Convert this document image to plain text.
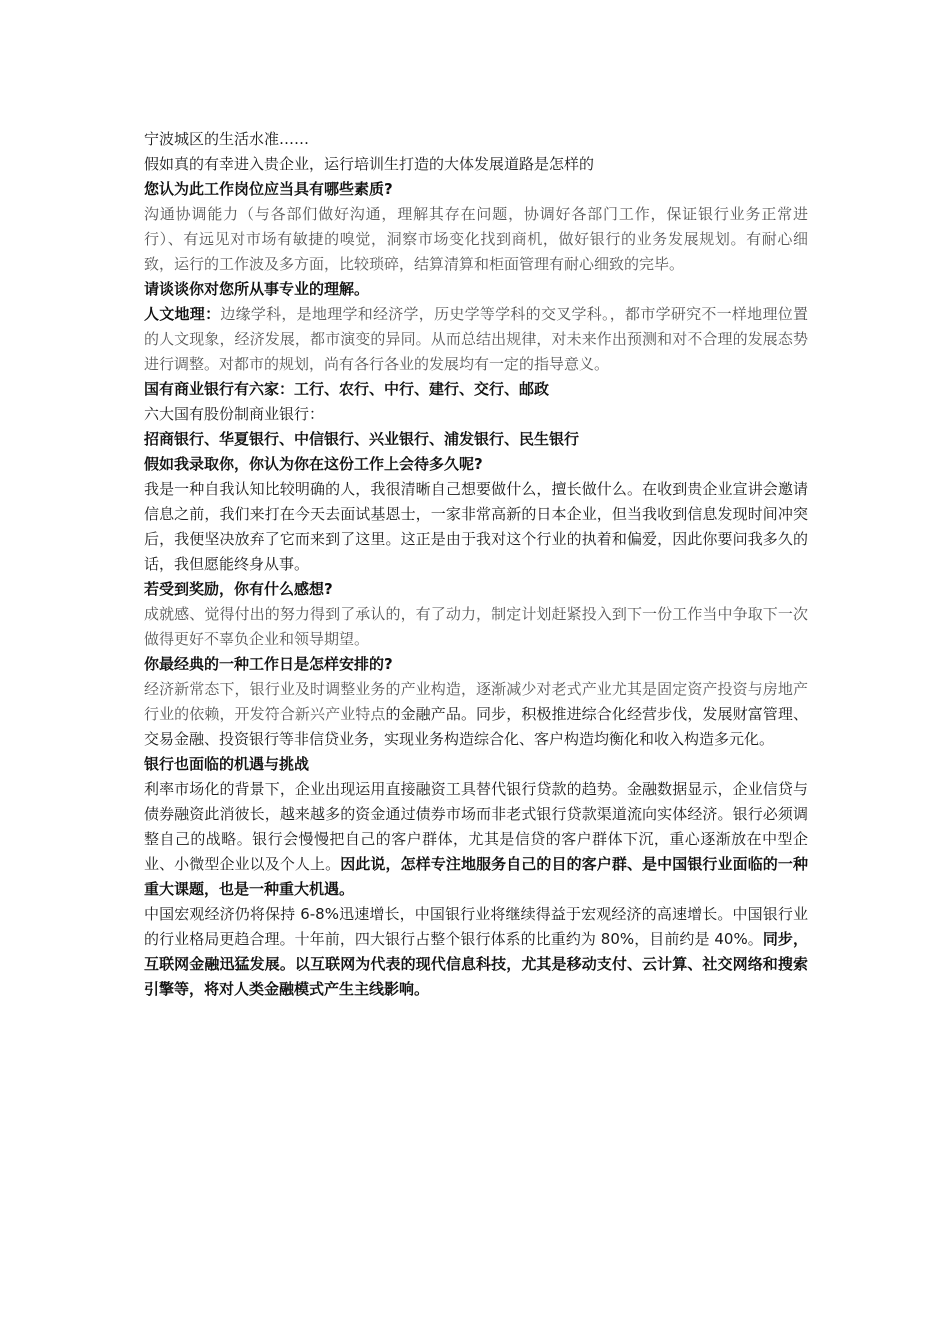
宁波城区的生活水准……

假如真的有幸进入贵企业，运行培训生打造的大体发展道路是怎样的

您认为此工作岗位应当具有哪些素质?

沟通协调能力（与各部们做好沟通，理解其存在问题，协调好各部门工作，保证银行业务正常进行）、有远见对市场有敏捷的嗅觉，洞察市场变化找到商机，做好银行的业务发展规划。有耐心细致，运行的工作波及多方面，比较琐碎，结算清算和柜面管理有耐心细致的完毕。

请谈谈你对您所从事专业的理解。

人文地理：边缘学科，是地理学和经济学，历史学等学科的交叉学科。，都市学研究不一样地理位置的人文现象，经济发展，都市演变的异同。从而总结出规律，对未来作出预测和对不合理的发展态势进行调整。对都市的规划，尚有各行各业的发展均有一定的指导意义。

国有商业银行有六家：工行、农行、中行、建行、交行、邮政

六大国有股份制商业银行：

招商银行、华夏银行、中信银行、兴业银行、浦发银行、民生银行

假如我录取你，你认为你在这份工作上会待多久呢?

我是一种自我认知比较明确的人，我很清晰自己想要做什么，擅长做什么。在收到贵企业宣讲会邀请信息之前，我们来打在今天去面试基恩士，一家非常高新的日本企业，但当我收到信息发现时间冲突后，我便坚决放弃了它而来到了这里。这正是由于我对这个行业的执着和偏爱，因此你要问我多久的话，我但愿能终身从事。

若受到奖励，你有什么感想?

成就感、觉得付出的努力得到了承认的，有了动力，制定计划赶紧投入到下一份工作当中争取下一次做得更好不辜负企业和领导期望。

你最经典的一种工作日是怎样安排的?

经济新常态下，银行业及时调整业务的产业构造，逐渐减少对老式产业尤其是固定资产投资与房地产行业的依赖，开发符合新兴产业特点的金融产品。同步，积极推进综合化经营步伐，发展财富管理、交易金融、投资银行等非信贷业务，实现业务构造综合化、客户构造均衡化和收入构造多元化。

银行也面临的机遇与挑战

利率市场化的背景下，企业出现运用直接融资工具替代银行贷款的趋势。金融数据显示，企业信贷与债券融资此消彼长，越来越多的资金通过债券市场而非老式银行贷款渠道流向实体经济。银行必须调整自己的战略。银行会慢慢把自己的客户群体，尤其是信贷的客户群体下沉，重心逐渐放在中型企业、小微型企业以及个人上。因此说，怎样专注地服务自己的目的客户群、是中国银行业面临的一种重大课题，也是一种重大机遇。

中国宏观经济仍将保持 6-8%迅速增长，中国银行业将继续得益于宏观经济的高速增长。中国银行业的行业格局更趋合理。十年前，四大银行占整个银行体系的比重约为 80%，目前约是 40%。同步，互联网金融迅猛发展。以互联网为代表的现代信息科技，尤其是移动支付、云计算、社交网络和搜索引擎等，将对人类金融模式产生主线影响。
